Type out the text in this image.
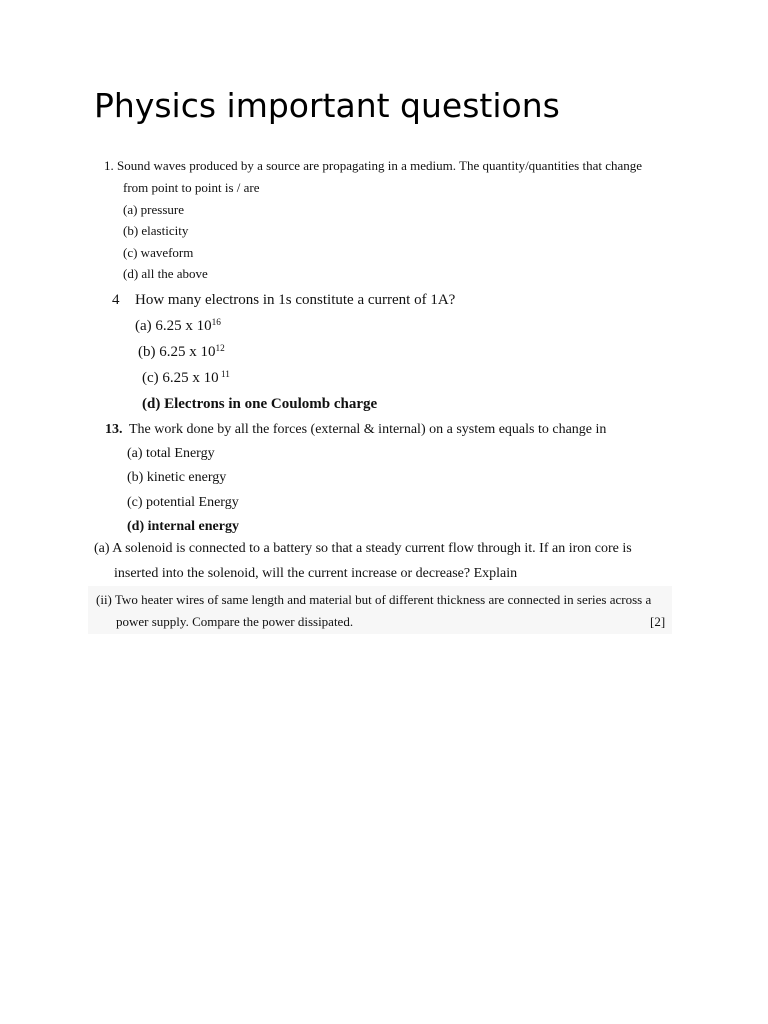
Physics important questions
1. Sound waves produced by a source are propagating in a medium. The quantity/quantities that change
from point to point is / are
(a) pressure
(b) elasticity
(c) waveform
(d) all the above
4 How many electrons in 1s constitute a current of 1A?
(a) 6.25 x $10^{16}$
(b) 6.25 x $10^{12}$
(c) 6.25 x 10 $^{11}$
(d) Electrons in one Coulomb charge
13. The work done by all the forces (external & internal) on a system equals to change in
(a) total Energy
(b) kinetic energy
(c) potential Energy
(d) internal energy
(a) A solenoid is connected to a battery so that a steady current flow through it. If an iron core is
inserted into the solenoid, will the current increase or decrease? Explain
(ii) Two heater wires of same length and material but of different thickness are connected in series across a
power supply. Compare the power dissipated.	[2]
